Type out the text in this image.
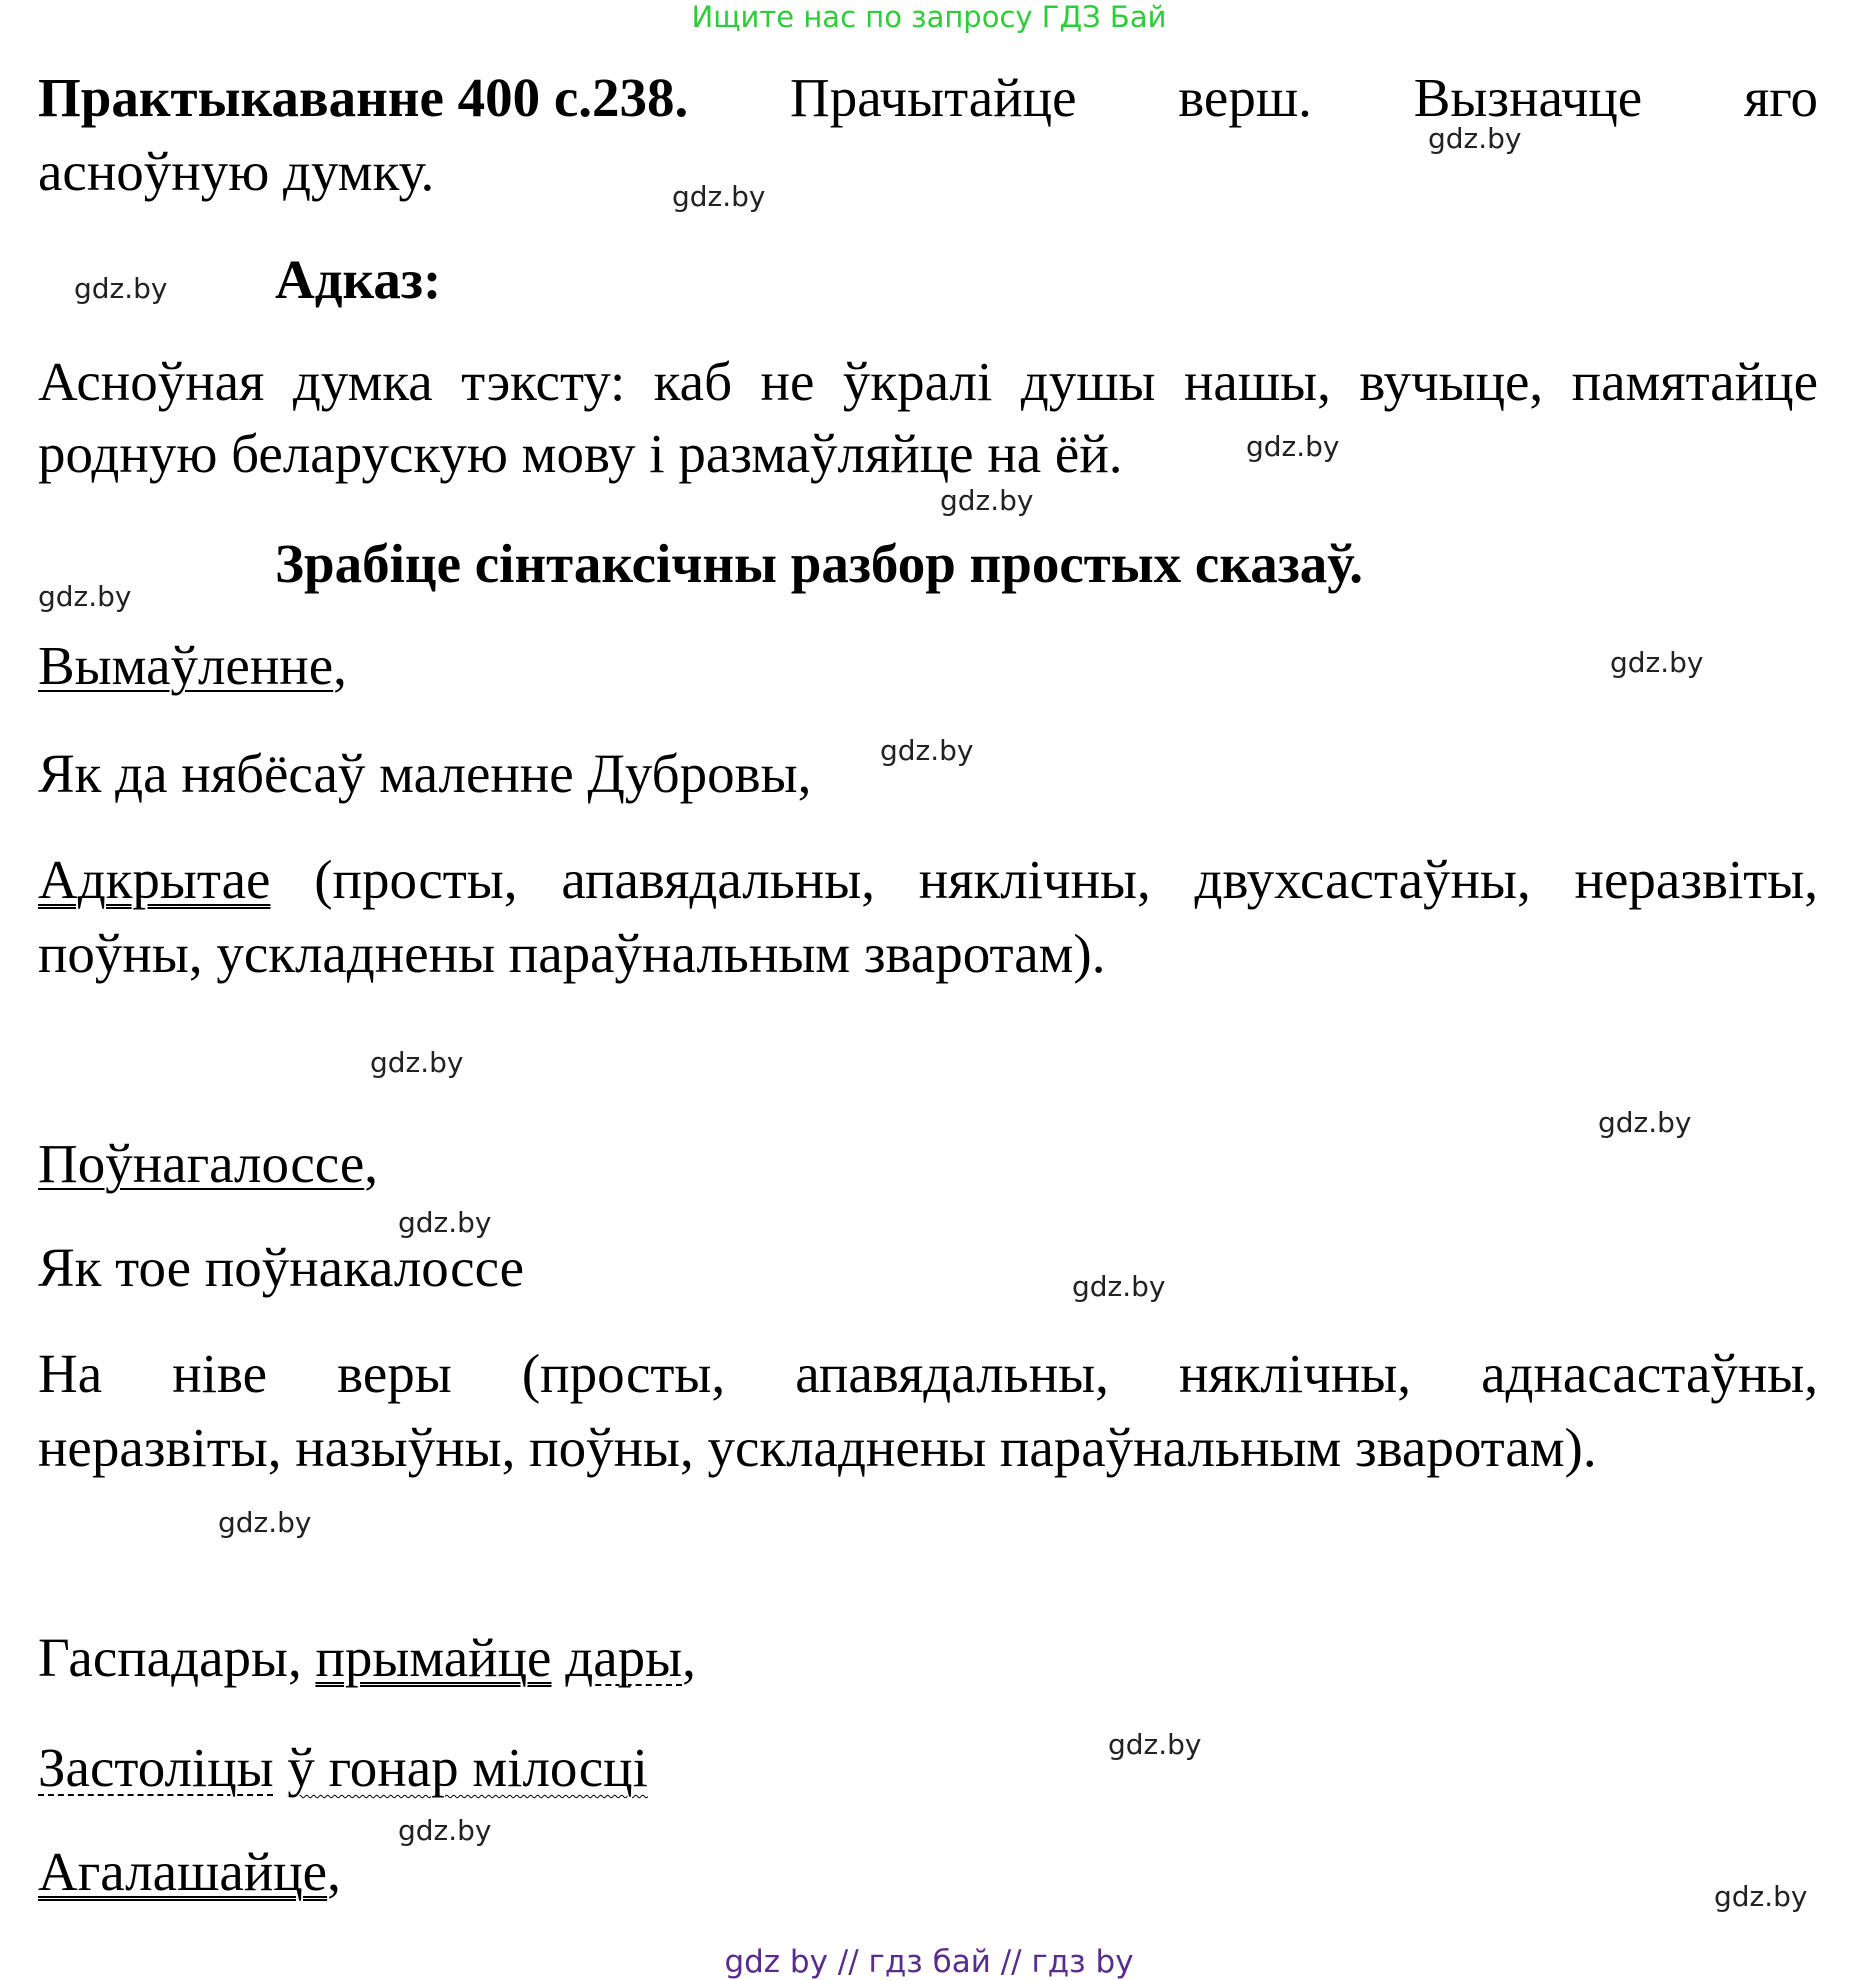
Ищите нас по запросу ГДЗ Бай
Практыкаванне 400 с.238. Прачытайце верш. Вызначце яго
асноўную думку.
Адказ:
Асноўная думка тэксту: каб не ўкралі душы нашы, вучыце, памятайце
родную беларускую мову і размаўляйце на ёй.
Зрабіце сінтаксічны разбор простых сказаў.
Вымаўленне,
Як да нябёсаў маленне Дубровы,
Адкрытае (просты, апавядальны, няклічны, двухсастаўны, неразвіты,
поўны, ускладнены параўнальным зваротам).
Поўнагалоссе,
Як тое поўнакалоссе
На ніве веры (просты, апавядальны, няклічны, аднасастаўны,
неразвіты, назыўны, поўны, ускладнены параўнальным зваротам).
Гаспадары, прымайце дары,
Застоліцы ў гонар мілосці
Агалашайце,
gdz.by
gdz.by
gdz.by
gdz.by
gdz.by
gdz.by
gdz.by
gdz.by
gdz.by
gdz.by
gdz.by
gdz.by
gdz.by
gdz.by
gdz.by
gdz.by
gdz by // гдз бай // гдз by
